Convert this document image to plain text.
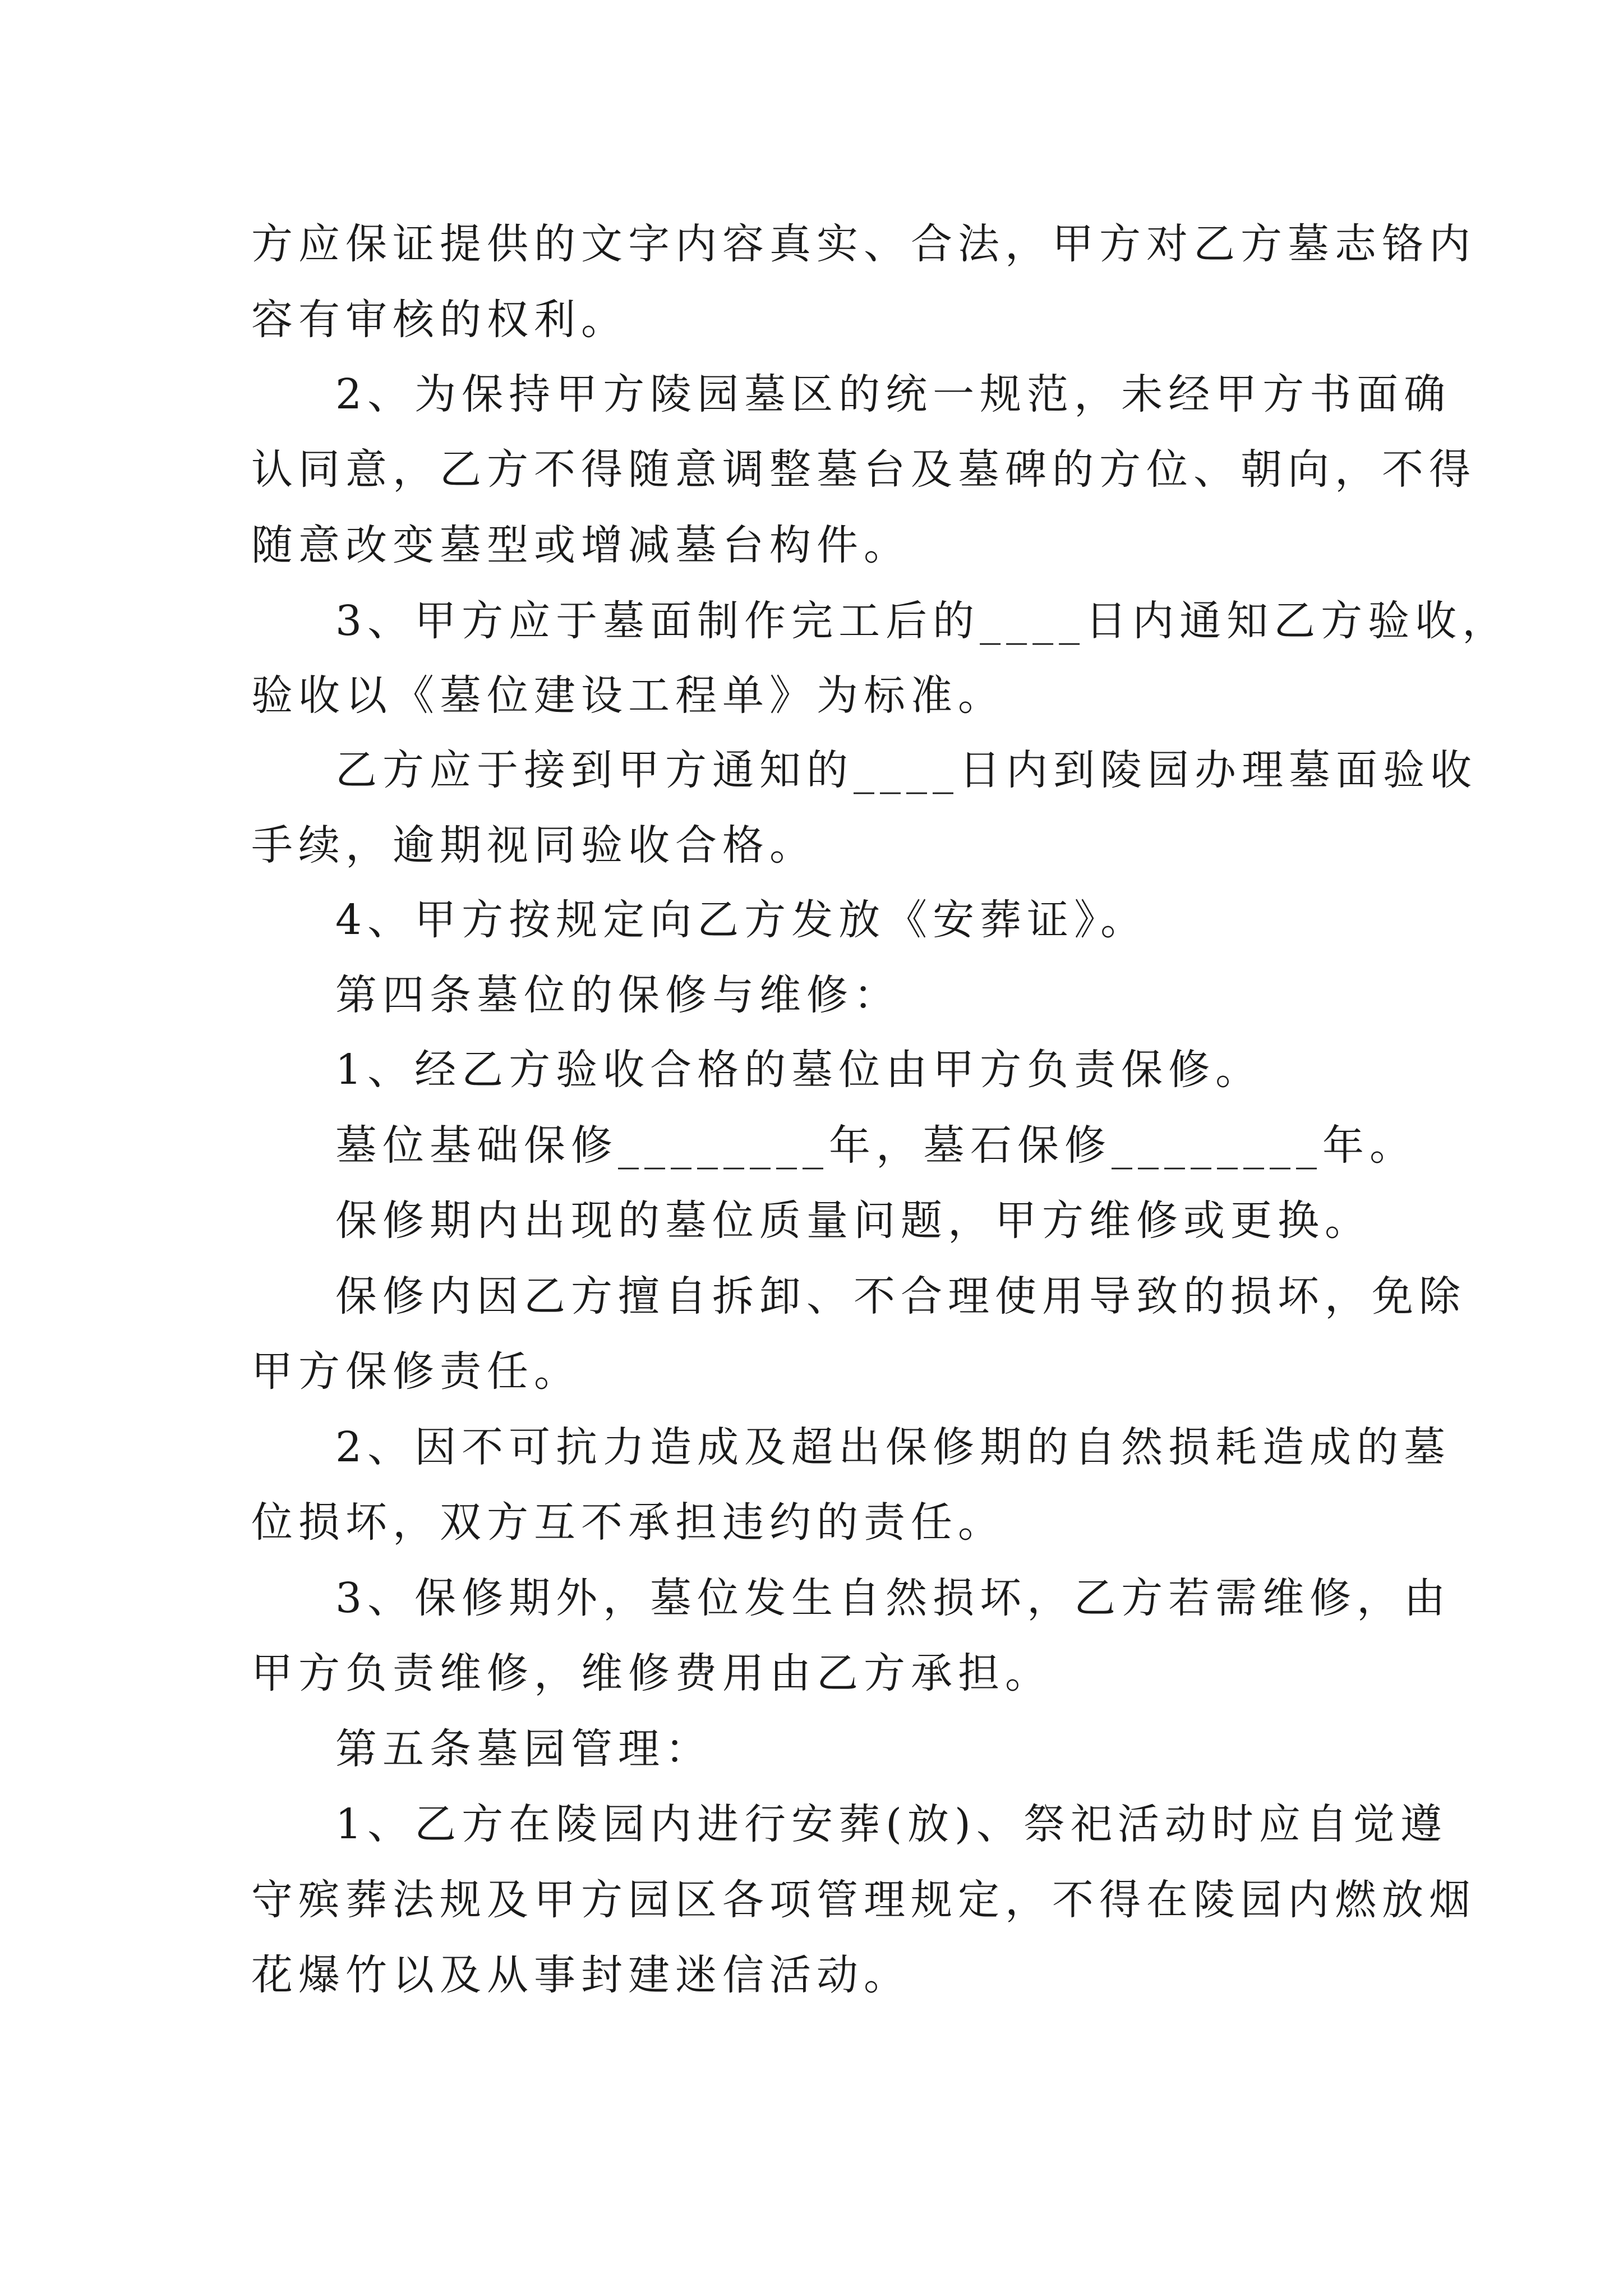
方应保证提供的文字内容真实、合法，甲方对乙方墓志铬内
容有审核的权利。
2、为保持甲方陵园墓区的统一规范，未经甲方书面确
认同意，乙方不得随意调整墓台及墓碑的方位、朝向，不得
随意改变墓型或增减墓台构件。
3、甲方应于墓面制作完工后的____日内通知乙方验收，
验收以《墓位建设工程单》为标准。
乙方应于接到甲方通知的____日内到陵园办理墓面验收
手续，逾期视同验收合格。
4、甲方按规定向乙方发放《安葬证》。
第四条墓位的保修与维修：
1、经乙方验收合格的墓位由甲方负责保修。
墓位基础保修________年，墓石保修________年。
保修期内出现的墓位质量问题，甲方维修或更换。
保修内因乙方擅自拆卸、不合理使用导致的损坏，免除
甲方保修责任。
2、因不可抗力造成及超出保修期的自然损耗造成的墓
位损坏，双方互不承担违约的责任。
3、保修期外，墓位发生自然损坏，乙方若需维修，由
甲方负责维修，维修费用由乙方承担。
第五条墓园管理：
1、乙方在陵园内进行安葬(放)、祭祀活动时应自觉遵
守殡葬法规及甲方园区各项管理规定，不得在陵园内燃放烟
花爆竹以及从事封建迷信活动。
